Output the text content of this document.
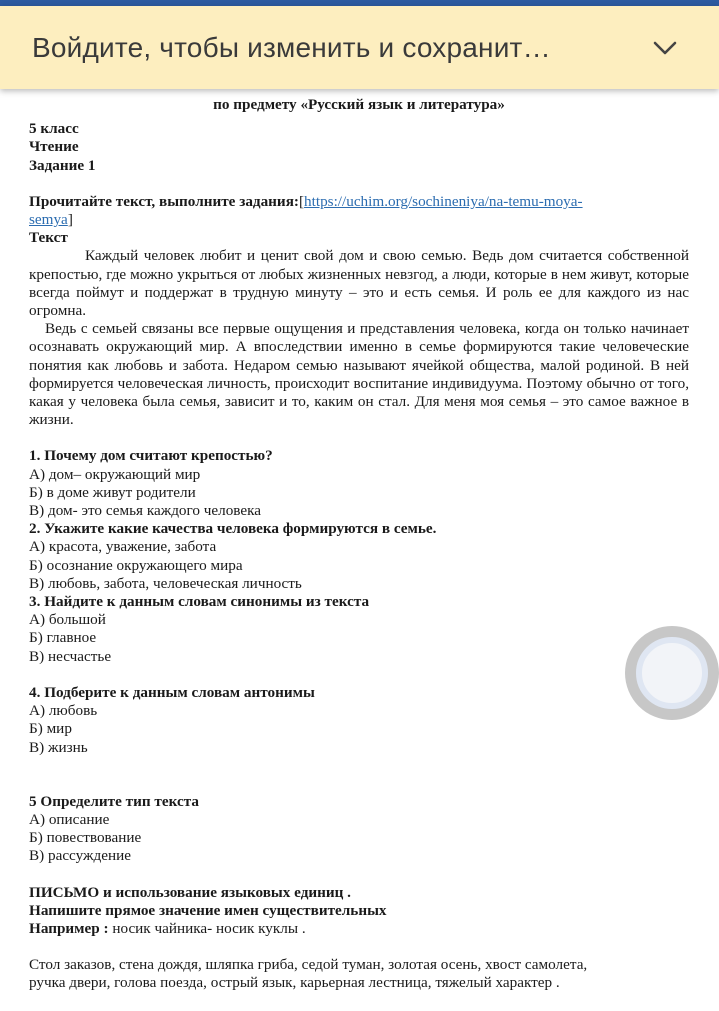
Войдите, чтобы изменить и сохранит…
по предмету «Русский язык и литература»
5 класс
Чтение
Задание 1
Прочитайте текст, выполните задания:[https://uchim.org/sochineniya/na-temu-moya-
semya]
Текст

Каждый человек любит и ценит свой дом и свою семью. Ведь дом считается собственной крепостью, где можно укрыться от любых жизненных невзгод, а люди, которые в нем живут, которые всегда поймут и поддержат в трудную минуту – это и есть семья. И роль ее для каждого из нас огромна.

Ведь с семьей связаны все первые ощущения и представления человека, когда он только начинает осознавать окружающий мир. А впоследствии именно в семье формируются такие человеческие понятия как любовь и забота. Недаром семью называют ячейкой общества, малой родиной. В ней формируется человеческая личность, происходит воспитание индивидуума. Поэтому обычно от того, какая у человека была семья, зависит и то, каким он стал. Для меня моя семья – это самое важное в жизни.

1. Почему дом считают крепостью?
А) дом– окружающий мир
Б) в доме живут родители
В) дом- это семья каждого человека
2. Укажите какие качества человека формируются в семье.
А) красота, уважение, забота
Б) осознание окружающего мира
В) любовь, забота, человеческая личность
3. Найдите к данным словам синонимы из текста
А) большой
Б) главное
В) несчастье
4. Подберите к данным словам антонимы
А) любовь
Б) мир
В) жизнь
5 Определите тип текста
А) описание
Б) повествование
В) рассуждение
ПИСЬМО и использование языковых единиц .
Напишите прямое значение имен существительных
Например : носик чайника- носик куклы .
Стол заказов, стена дождя, шляпка гриба, седой туман, золотая осень, хвост самолета,
ручка двери, голова поезда, острый язык, карьерная лестница, тяжелый характер .
